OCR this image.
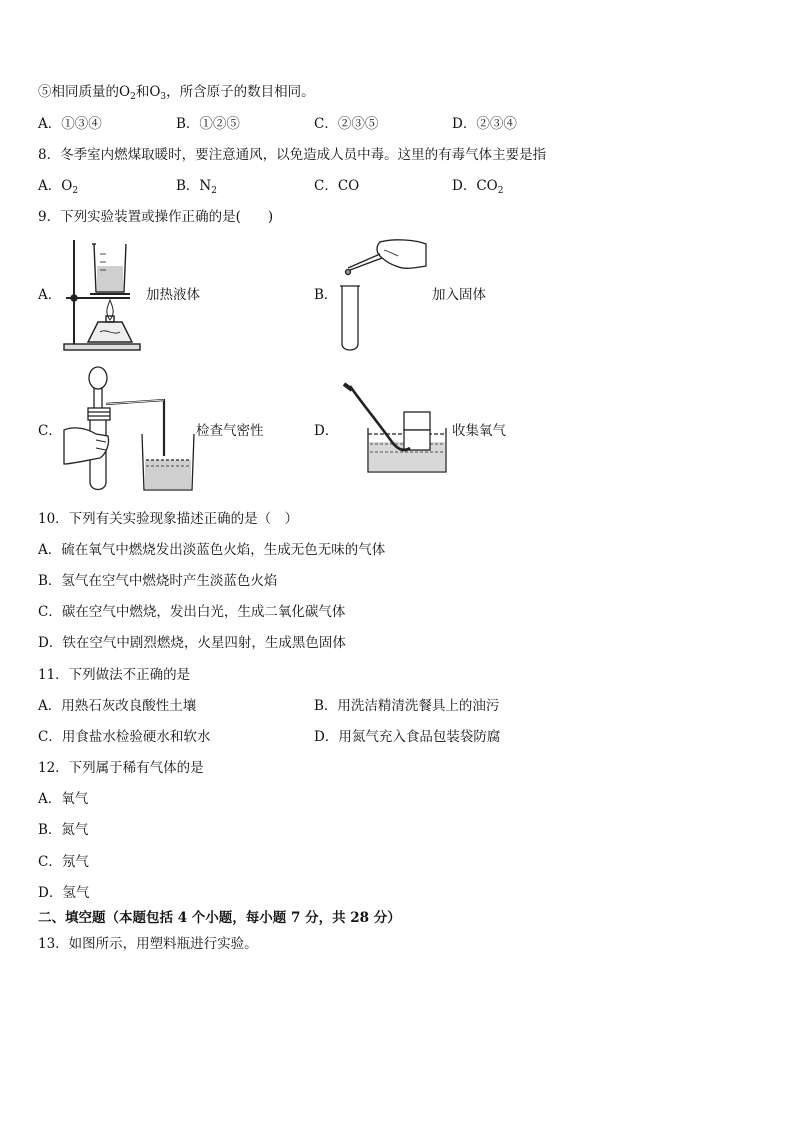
⑤相同质量的$O_2$和$O_3$，所含原子的数目相同。
A．①③④	B．①②⑤	C．②③⑤	D．②③④
8．冬季室内燃煤取暖时，要注意通风，以免造成人员中毒。这里的有毒气体主要是指
A．$O_2$	B．$N_2$	C．CO	D．$CO_2$
9．下列实验装置或操作正确的是(　　)
A．	加热液体	B．	加入固体
C．	检查气密性	D．	收集氧气
10．下列有关实验现象描述正确的是（　）
A．硫在氧气中燃烧发出淡蓝色火焰，生成无色无味的气体
B．氢气在空气中燃烧时产生淡蓝色火焰
C．碳在空气中燃烧，发出白光，生成二氧化碳气体
D．铁在空气中剧烈燃烧，火星四射，生成黑色固体
11．下列做法不正确的是
A．用熟石灰改良酸性土壤	B．用洗洁精清洗餐具上的油污
C．用食盐水检验硬水和软水	D．用氮气充入食品包装袋防腐
12．下列属于稀有气体的是
A．氧气
B．氮气
C．氖气
D．氢气
二、填空题（本题包括 4 个小题，每小题 7 分，共 28 分）
13．如图所示，用塑料瓶进行实验。
